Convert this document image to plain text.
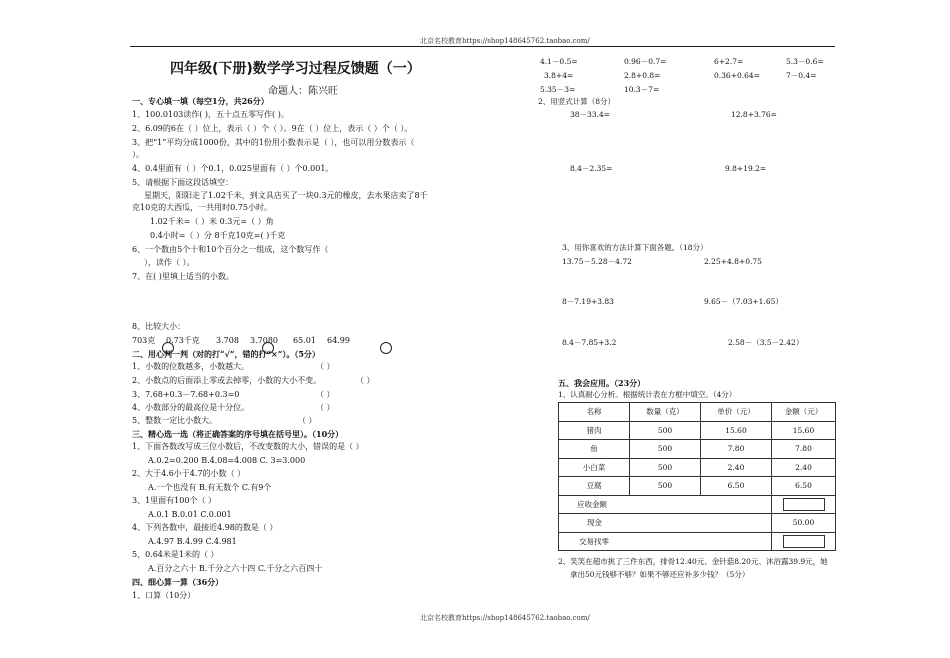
北京名校教育https://shop148645762.taobao.com/
北京名校教育https://shop148645762.taobao.com/
四年级(下册)数学学习过程反馈题（一）
命题人：陈兴旺
一、专心填一填（每空1分，共26分）
1、100.0103读作( )，五十点五零写作( )。
2、6.09的6在（ ）位上，表示（ ）个（ ）。9在（ ）位上，表示（ ）个（ ）。
3、把“1”平均分成1000份，其中的1份用小数表示是（ ），也可以用分数表示（
）。
4、0.4里面有（ ）个0.1，0.025里面有（ ）个0.001。
5、请根据下面这段话填空：
星期天，阳阳走了1.02千米，到文具店买了一块0.3元的橡皮，去水果店卖了8千
克10克的大西瓜，一共用时0.75小时。
1.02千米=（ ）米 0.3元=（ ）角
0.4小时=（ ）分 8千克10克=( )千克
6、一个数由5个十和10个百分之一组成，这个数写作（
），读作（ ）。
7、在( )里填上适当的小数。
8、比较大小：
703克 0.73千克 3.708 3.7080 65.01 64.99
二、用心判一判（对的打“√”，错的打“×”）。（5分）
1、小数的位数越多，小数越大。	（ ）
2、小数点的后面添上零或去掉零，小数的大小不变。	（ ）
3、7.68+0.3－7.68+0.3=0	（ ）
4、小数部分的最高位是十分位。	（ ）
5、整数一定比小数大。	（ ）
三、精心选一选（将正确答案的序号填在括号里）。（10分）
1、下面各数改写成三位小数后，不改变数的大小，错误的是（ ）
A.0.2=0.200 B.4.08=4.008 C. 3=3.000
2、大于4.6小于4.7的小数（ ）
A.一个也没有 B.有无数个 C.有9个
3、1里面有100个（ ）
A.0.1 B.0.01 C.0.001
4、下列各数中，最接近4.98的数是（ ）
A.4.97 B.4.99 C.4.981
5、0.64米是1米的（ ）
A.百分之六十 B.千分之六十四 C.千分之六百四十
四、细心算一算（36分）
1、口算（10分）
4.1－0.5=	0.96－0.7=	6+2.7=	5.3－0.6=
3.8+4=	2.8+0.8=	0.36+0.64=	7－0.4=
5.35－3=	10.3－7=
2、用竖式计算（8分）
38－33.4=	12.8+3.76=
8.4－2.35=	9.8+19.2=
3、用你喜欢的方法计算下面各题。（18分）
13.75－5.28－4.72	2.25+4.8+0.75
8－7.19+3.83	9.65－（7.03+1.65）
8.4－7.85+3.2	2.58－（3.5－2.42）
五、我会应用。（23分）
1、认真耐心分析。根据统计表在方框中填空。（4分）
名称	数量（克）	单价（元）	金额（元）
猪肉	500	15.60	15.60
鱼	500	7.80	7.80
小白菜	500	2.40	2.40
豆腐	500	6.50	6.50
应收金额			
现金			50.00
交易找零			
2、笑笑在超市挑了三件东西，排骨12.40元、金针菇8.20元、沐浴露39.9元，她
拿出50元钱够不够？如果不够还应补多少钱？（5分）
